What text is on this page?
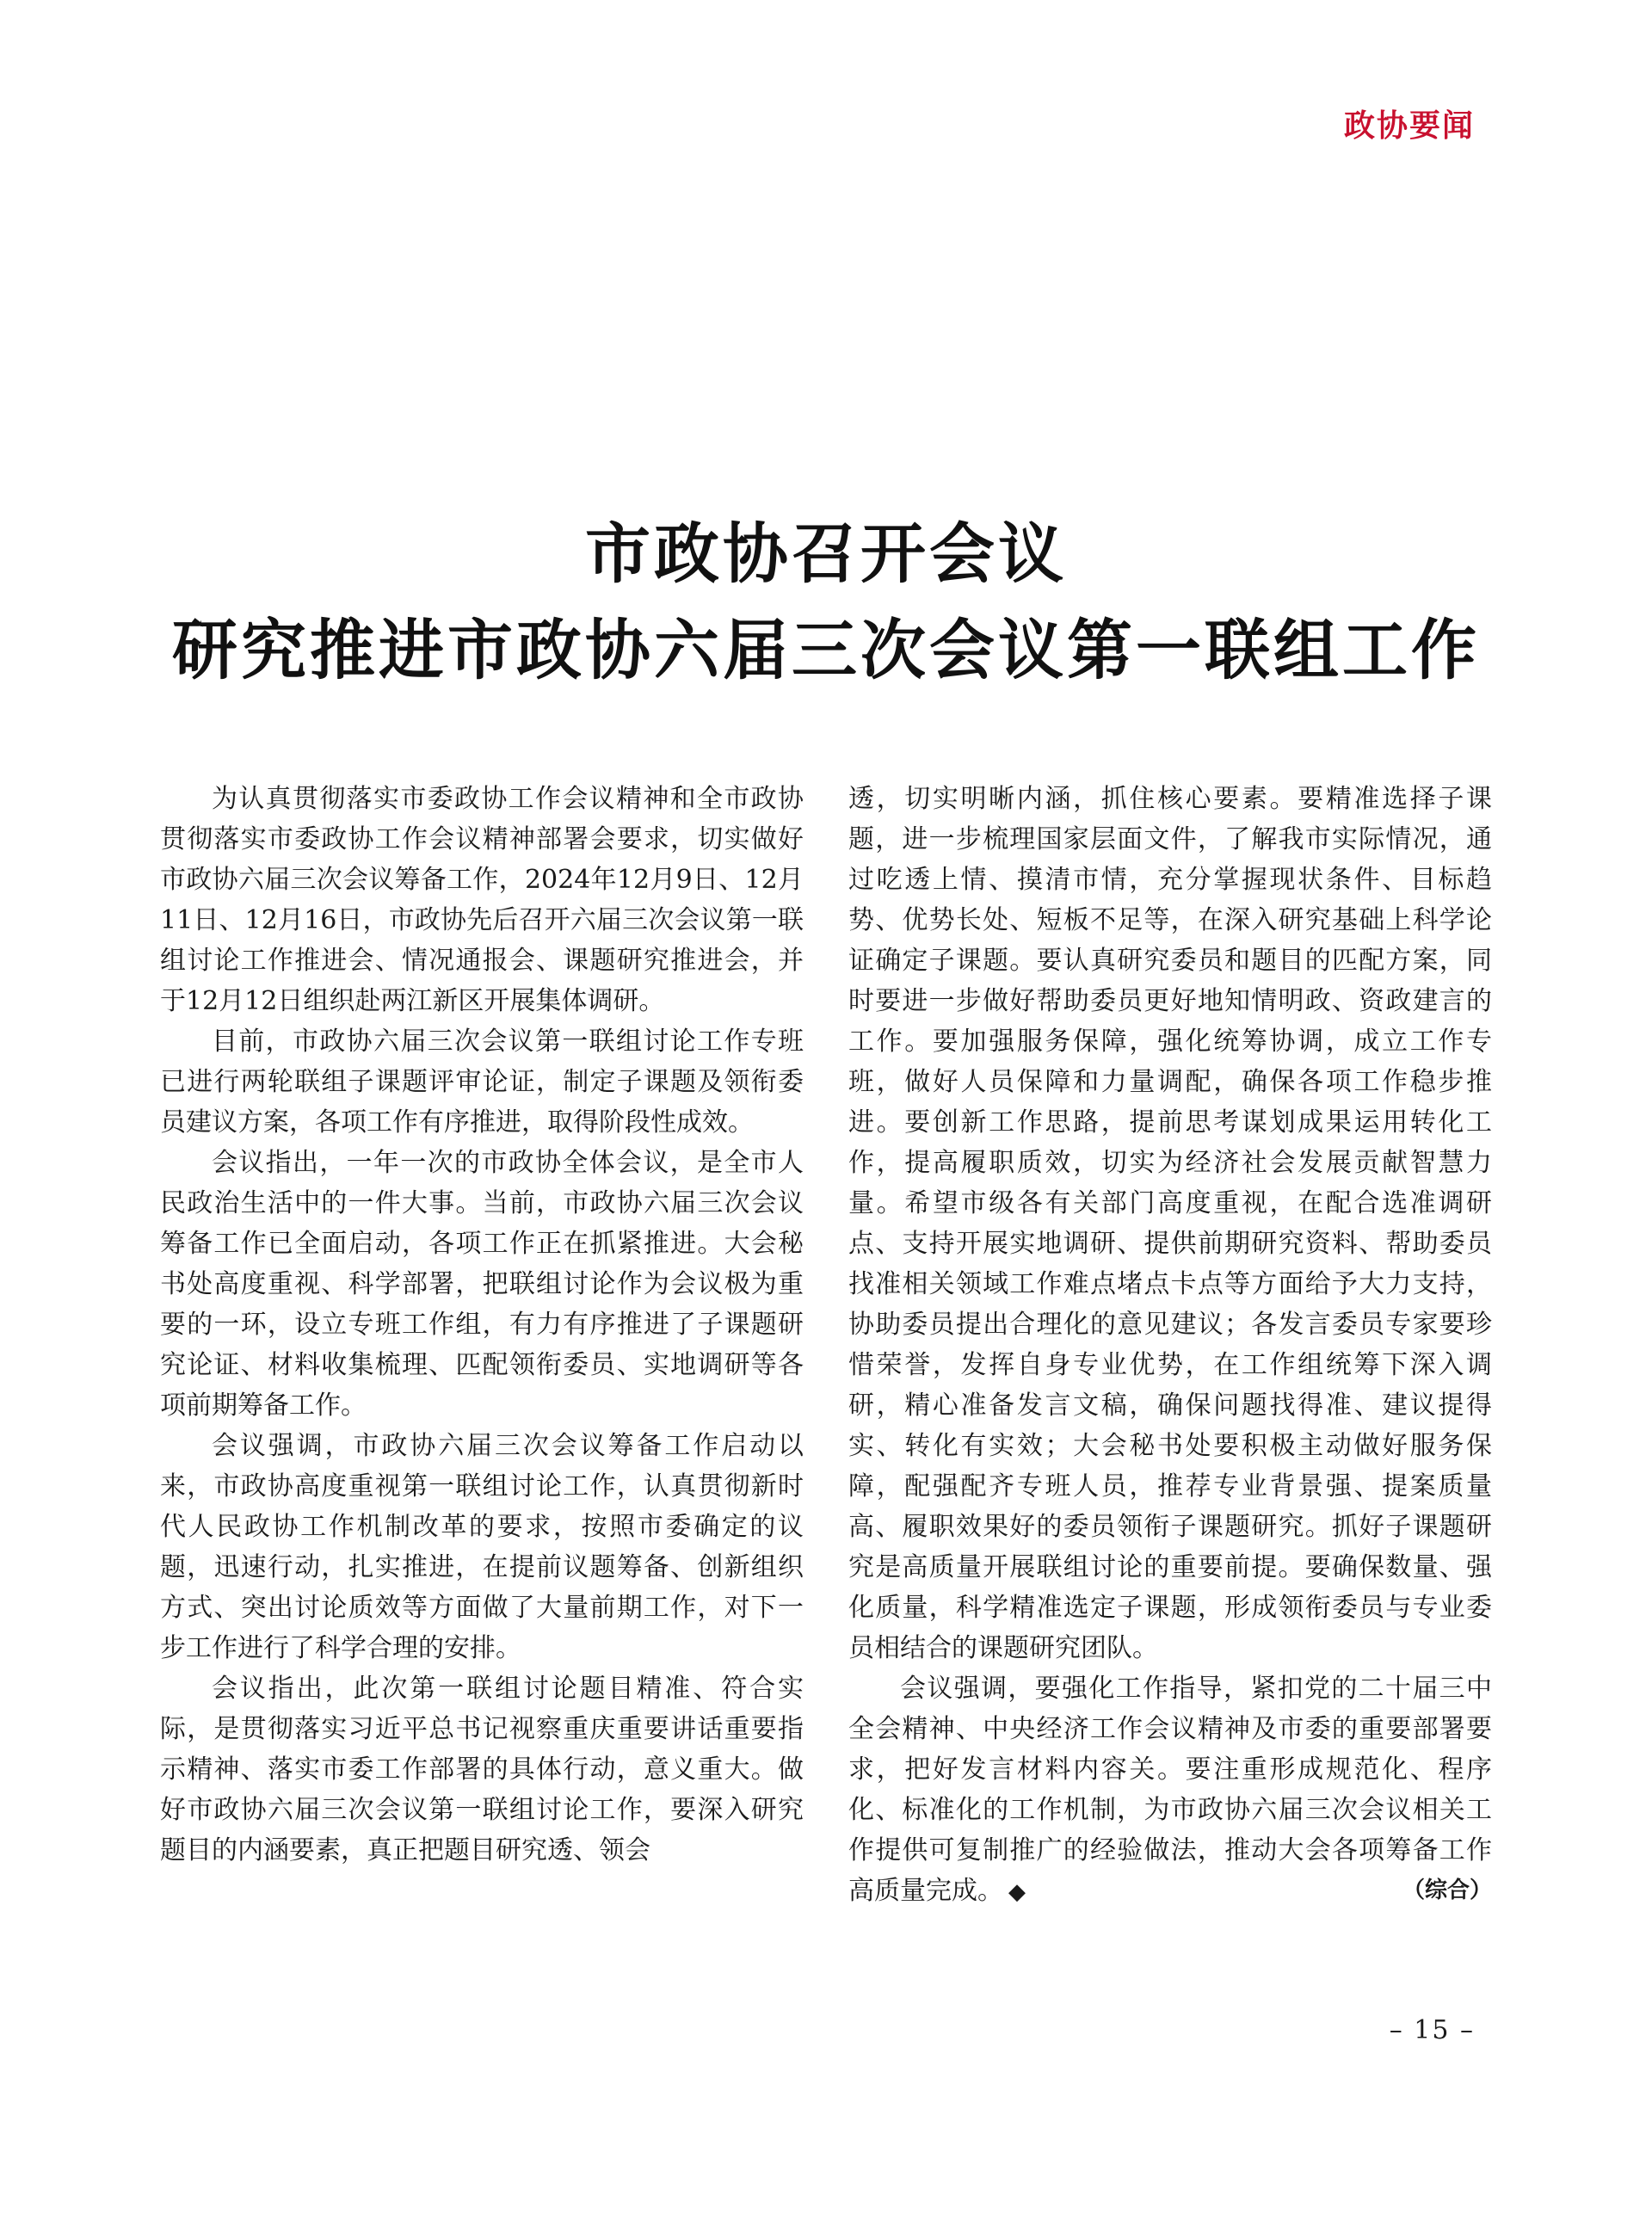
政协要闻
市政协召开会议
研究推进市政协六届三次会议第一联组工作

为认真贯彻落实市委政协工作会议精神和全市政协贯彻落实市委政协工作会议精神部署会要求，切实做好市政协六届三次会议筹备工作，2024年12月9日、12月11日、12月16日，市政协先后召开六届三次会议第一联组讨论工作推进会、情况通报会、课题研究推进会，并于12月12日组织赴两江新区开展集体调研。

目前，市政协六届三次会议第一联组讨论工作专班已进行两轮联组子课题评审论证，制定子课题及领衔委员建议方案，各项工作有序推进，取得阶段性成效。

会议指出，一年一次的市政协全体会议，是全市人民政治生活中的一件大事。当前，市政协六届三次会议筹备工作已全面启动，各项工作正在抓紧推进。大会秘书处高度重视、科学部署，把联组讨论作为会议极为重要的一环，设立专班工作组，有力有序推进了子课题研究论证、材料收集梳理、匹配领衔委员、实地调研等各项前期筹备工作。

会议强调，市政协六届三次会议筹备工作启动以来，市政协高度重视第一联组讨论工作，认真贯彻新时代人民政协工作机制改革的要求，按照市委确定的议题，迅速行动，扎实推进，在提前议题筹备、创新组织方式、突出讨论质效等方面做了大量前期工作，对下一步工作进行了科学合理的安排。

会议指出，此次第一联组讨论题目精准、符合实际，是贯彻落实习近平总书记视察重庆重要讲话重要指示精神、落实市委工作部署的具体行动，意义重大。做好市政协六届三次会议第一联组讨论工作，要深入研究题目的内涵要素，真正把题目研究透、领会

透，切实明晰内涵，抓住核心要素。要精准选择子课题，进一步梳理国家层面文件，了解我市实际情况，通过吃透上情、摸清市情，充分掌握现状条件、目标趋势、优势长处、短板不足等，在深入研究基础上科学论证确定子课题。要认真研究委员和题目的匹配方案，同时要进一步做好帮助委员更好地知情明政、资政建言的工作。要加强服务保障，强化统筹协调，成立工作专班，做好人员保障和力量调配，确保各项工作稳步推进。要创新工作思路，提前思考谋划成果运用转化工作，提高履职质效，切实为经济社会发展贡献智慧力量。希望市级各有关部门高度重视，在配合选准调研点、支持开展实地调研、提供前期研究资料、帮助委员找准相关领域工作难点堵点卡点等方面给予大力支持，协助委员提出合理化的意见建议；各发言委员专家要珍惜荣誉，发挥自身专业优势，在工作组统筹下深入调研，精心准备发言文稿，确保问题找得准、建议提得实、转化有实效；大会秘书处要积极主动做好服务保障，配强配齐专班人员，推荐专业背景强、提案质量高、履职效果好的委员领衔子课题研究。抓好子课题研究是高质量开展联组讨论的重要前提。要确保数量、强化质量，科学精准选定子课题，形成领衔委员与专业委员相结合的课题研究团队。

会议强调，要强化工作指导，紧扣党的二十届三中全会精神、中央经济工作会议精神及市委的重要部署要求，把好发言材料内容关。要注重形成规范化、程序化、标准化的工作机制，为市政协六届三次会议相关工作提供可复制推广的经验做法，推动大会各项筹备工作高质量完成。 ◆	（综合）

– 15 –
